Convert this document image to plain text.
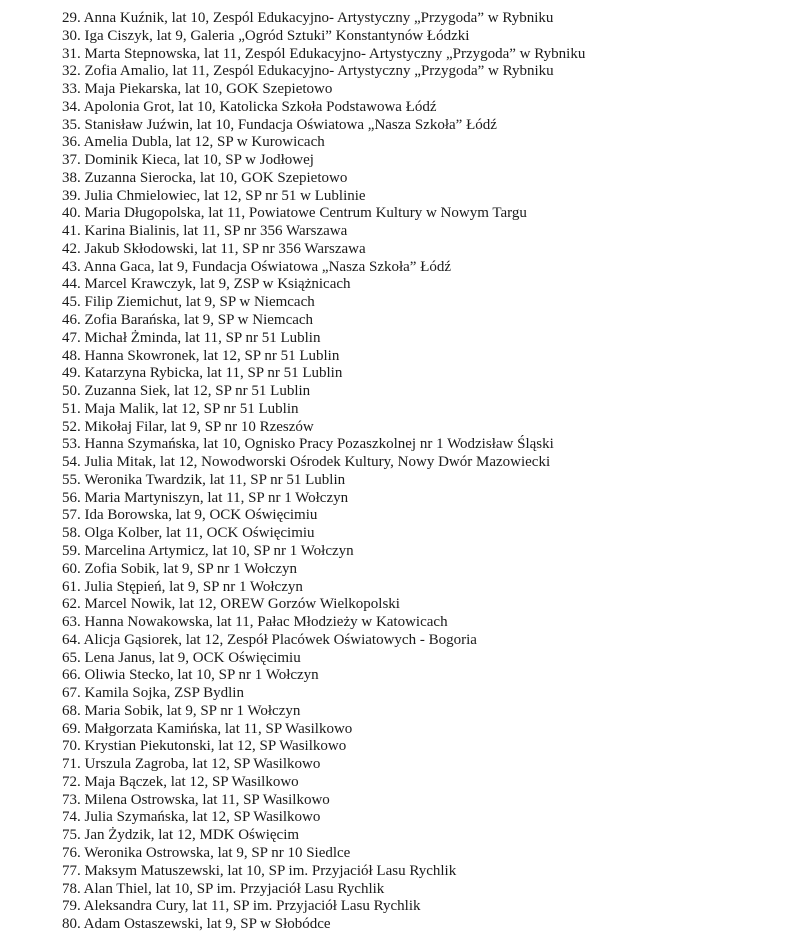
29. Anna Kuźnik, lat 10, Zespól Edukacyjno- Artystyczny „Przygoda” w Rybniku
30. Iga Ciszyk, lat 9, Galeria „Ogród Sztuki” Konstantynów Łódzki
31. Marta Stepnowska, lat 11, Zespól Edukacyjno- Artystyczny „Przygoda” w Rybniku
32. Zofia Amalio, lat 11, Zespól Edukacyjno- Artystyczny „Przygoda” w Rybniku
33. Maja Piekarska, lat 10, GOK Szepietowo
34. Apolonia Grot, lat 10, Katolicka Szkoła Podstawowa Łódź
35. Stanisław Juźwin, lat 10, Fundacja Oświatowa „Nasza Szkoła” Łódź
36. Amelia Dubla, lat 12, SP w Kurowicach
37. Dominik Kieca, lat 10, SP w Jodłowej
38. Zuzanna Sierocka, lat 10, GOK Szepietowo
39. Julia Chmielowiec, lat 12, SP nr 51 w Lublinie
40. Maria Długopolska, lat 11, Powiatowe Centrum Kultury w Nowym Targu
41. Karina Bialinis, lat 11, SP nr 356 Warszawa
42. Jakub Skłodowski, lat 11, SP nr 356 Warszawa
43. Anna Gaca, lat 9, Fundacja Oświatowa „Nasza Szkoła” Łódź
44. Marcel Krawczyk, lat 9, ZSP w Książnicach
45. Filip Ziemichut, lat 9, SP w Niemcach
46. Zofia Barańska, lat 9, SP w Niemcach
47. Michał Żminda, lat 11, SP nr 51 Lublin
48. Hanna Skowronek, lat 12, SP nr 51 Lublin
49. Katarzyna Rybicka, lat 11, SP nr 51 Lublin
50. Zuzanna Siek, lat 12, SP nr 51 Lublin
51. Maja Malik, lat 12, SP nr 51 Lublin
52. Mikołaj Filar, lat 9, SP nr 10 Rzeszów
53. Hanna Szymańska, lat 10, Ognisko Pracy Pozaszkolnej nr 1 Wodzisław Śląski
54. Julia Mitak, lat 12, Nowodworski Ośrodek Kultury, Nowy Dwór Mazowiecki
55. Weronika Twardzik, lat 11, SP nr 51 Lublin
56. Maria Martyniszyn, lat 11, SP nr 1 Wołczyn
57. Ida Borowska, lat 9, OCK Oświęcimiu
58. Olga Kolber, lat 11, OCK Oświęcimiu
59. Marcelina Artymicz, lat 10, SP nr 1 Wołczyn
60. Zofia Sobik, lat 9, SP nr 1 Wołczyn
61. Julia Stępień, lat 9, SP nr 1 Wołczyn
62. Marcel Nowik, lat 12, OREW Gorzów Wielkopolski
63. Hanna Nowakowska, lat 11, Pałac Młodzieży w Katowicach
64. Alicja Gąsiorek, lat 12, Zespół Placówek Oświatowych - Bogoria
65. Lena Janus, lat 9, OCK Oświęcimiu
66. Oliwia Stecko, lat 10, SP nr 1 Wołczyn
67. Kamila Sojka, ZSP Bydlin
68. Maria Sobik, lat 9, SP nr 1 Wołczyn
69. Małgorzata Kamińska, lat 11, SP Wasilkowo
70. Krystian Piekutonski, lat 12, SP Wasilkowo
71. Urszula Zagroba, lat 12, SP Wasilkowo
72. Maja Bączek, lat 12, SP Wasilkowo
73. Milena Ostrowska, lat 11, SP Wasilkowo
74. Julia Szymańska, lat 12, SP Wasilkowo
75. Jan Żydzik, lat 12, MDK Oświęcim
76. Weronika Ostrowska, lat 9, SP nr 10 Siedlce
77. Maksym Matuszewski, lat 10, SP im. Przyjaciół Lasu Rychlik
78. Alan Thiel, lat 10, SP im. Przyjaciół Lasu Rychlik
79. Aleksandra Cury, lat 11, SP im. Przyjaciół Lasu Rychlik
80. Adam Ostaszewski, lat 9, SP w Słobódce
